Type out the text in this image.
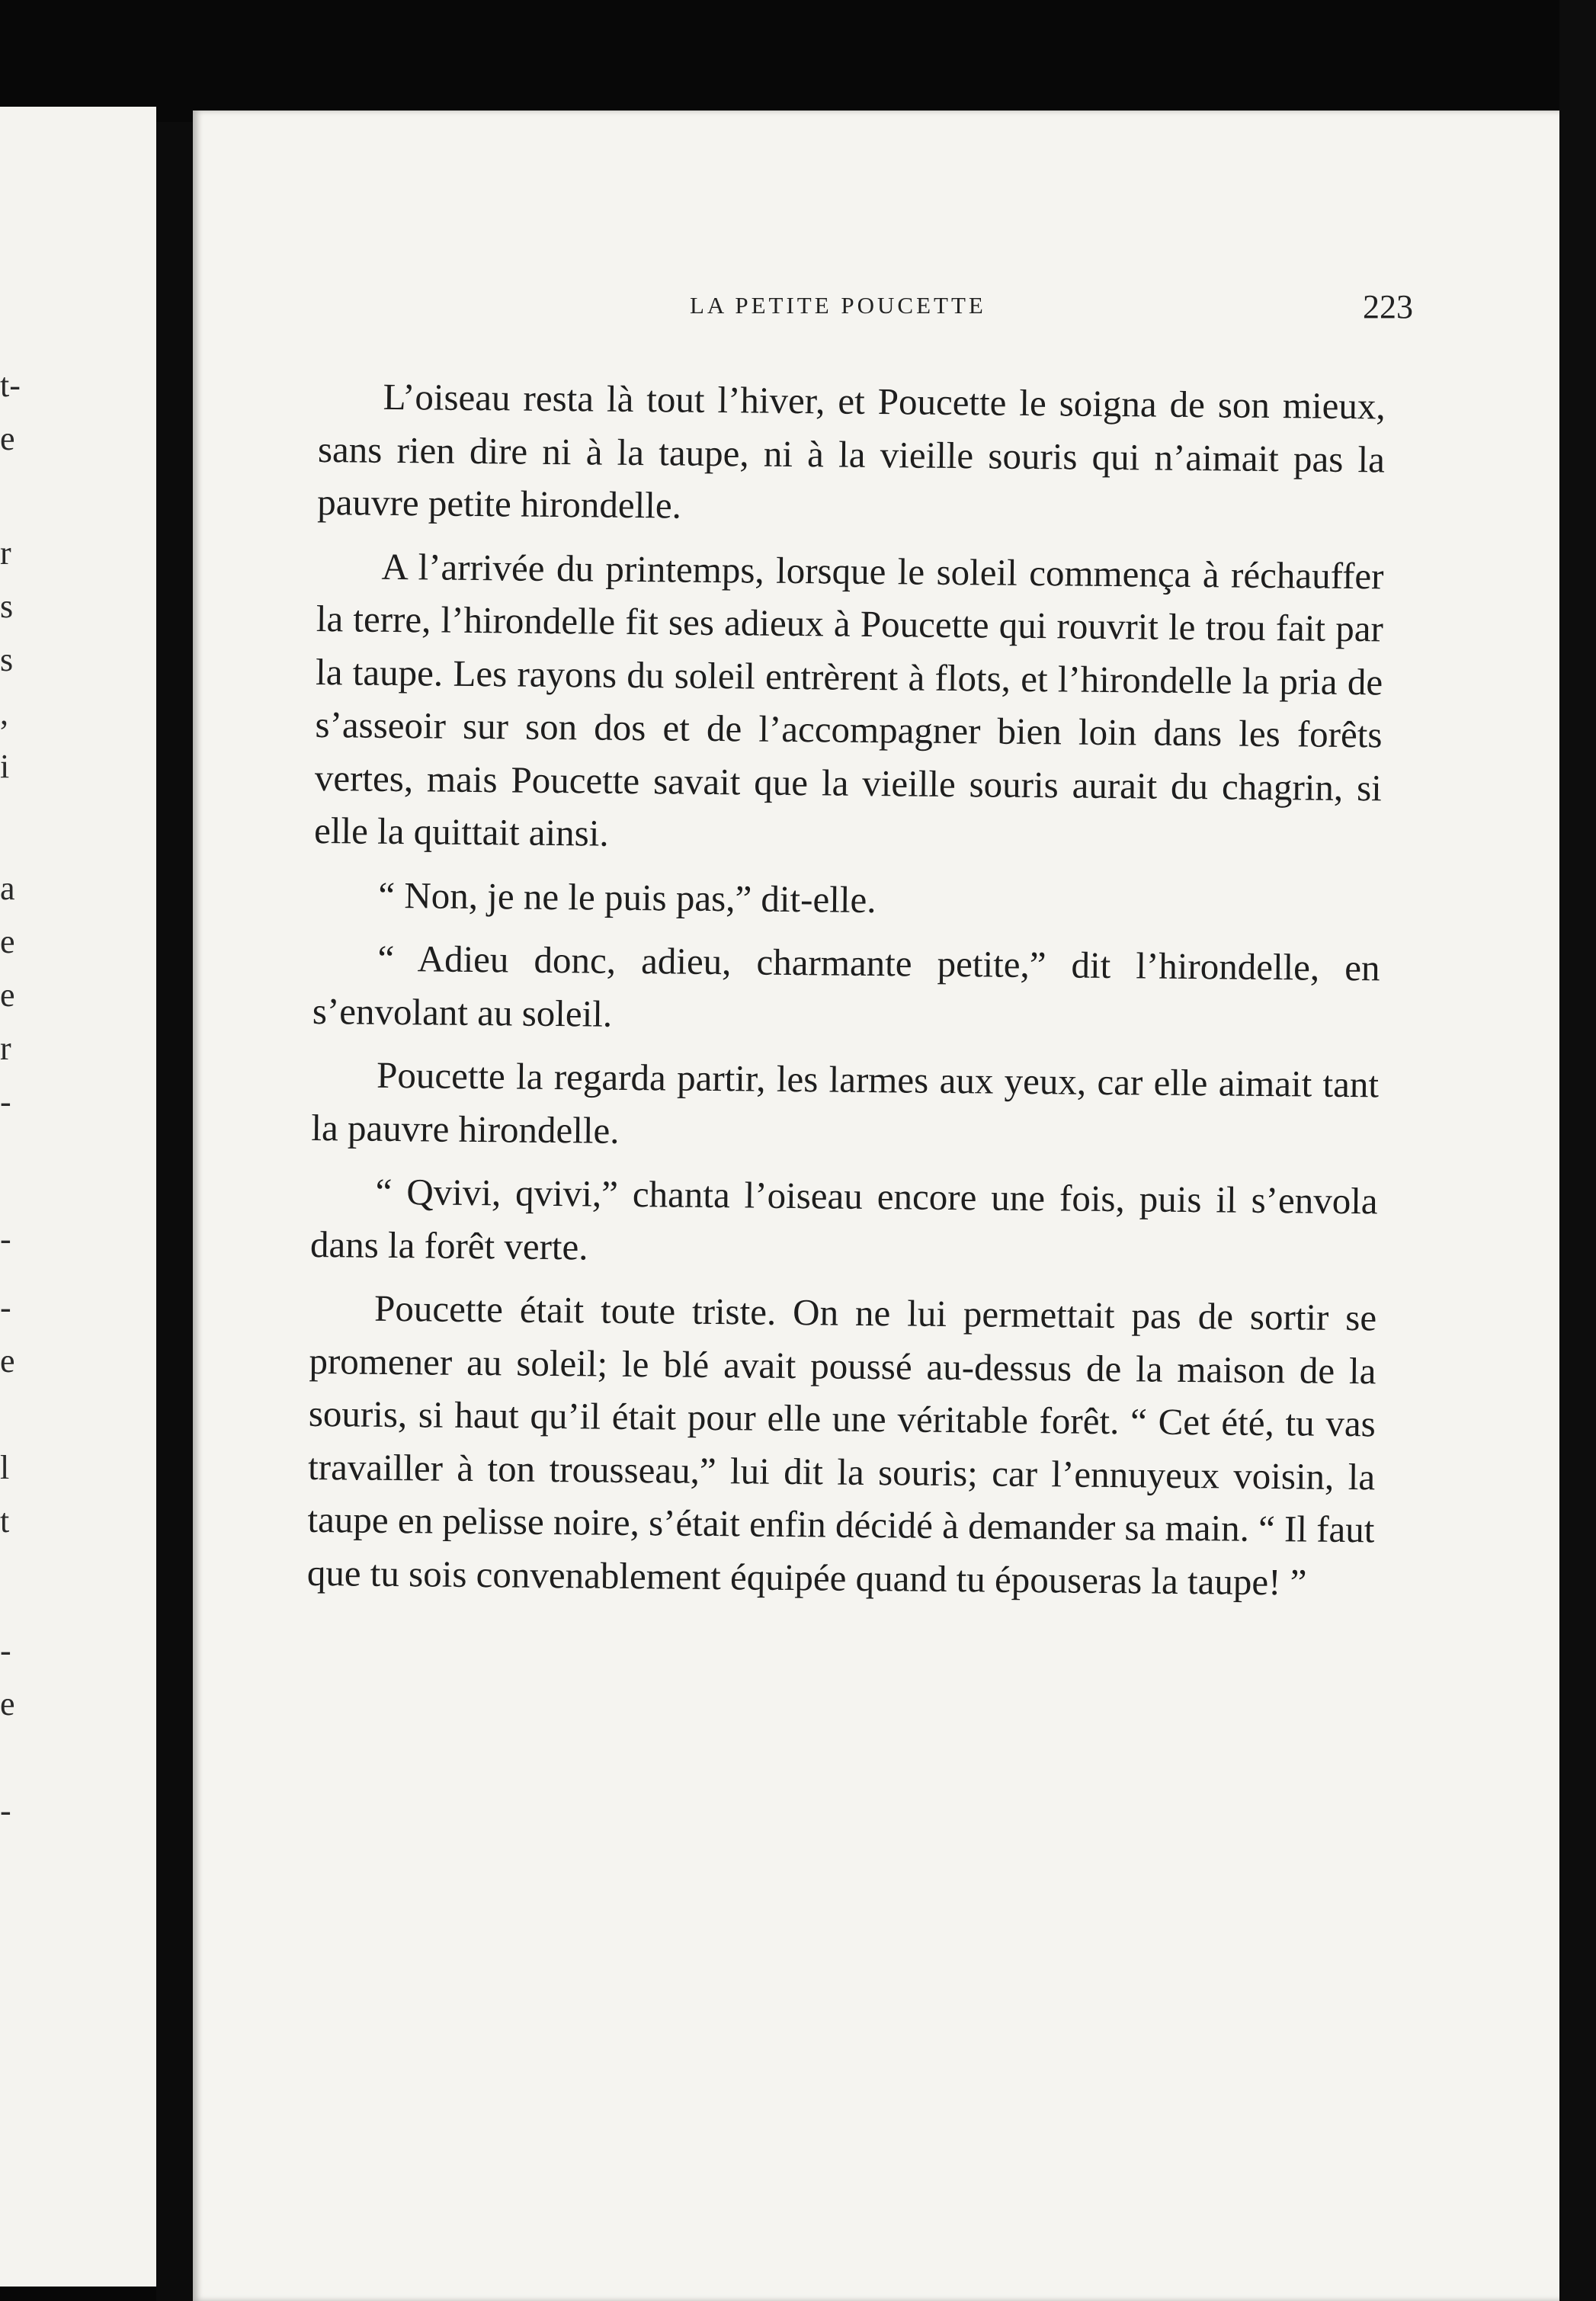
t-
e
r
s
s
,
i
a
e
e
r
-
-
-
e
l
t
-
e
-
LA PETITE POUCETTE	223

L’oiseau resta là tout l’hiver, et Poucette le soigna de son mieux, sans rien dire ni à la taupe, ni à la vieille souris qui n’aimait pas la pauvre petite hirondelle.

A l’arrivée du printemps, lorsque le soleil commença à réchauffer la terre, l’hirondelle fit ses adieux à Poucette qui rouvrit le trou fait par la taupe. Les rayons du soleil entrèrent à flots, et l’hirondelle la pria de s’asseoir sur son dos et de l’accompagner bien loin dans les forêts vertes, mais Poucette savait que la vieille souris aurait du chagrin, si elle la quittait ainsi.

“ Non, je ne le puis pas,” dit-elle.

“ Adieu donc, adieu, charmante petite,” dit l’hirondelle, en s’envolant au soleil.

Poucette la regarda partir, les larmes aux yeux, car elle aimait tant la pauvre hirondelle.

“ Qvivi, qvivi,” chanta l’oiseau encore une fois, puis il s’envola dans la forêt verte.

Poucette était toute triste. On ne lui permettait pas de sortir se promener au soleil; le blé avait poussé au-dessus de la maison de la souris, si haut qu’il était pour elle une véritable forêt. “ Cet été, tu vas travailler à ton trousseau,” lui dit la souris; car l’ennuyeux voisin, la taupe en pelisse noire, s’était enfin décidé à demander sa main. “ Il faut que tu sois convenablement équipée quand tu épouseras la taupe! ”
